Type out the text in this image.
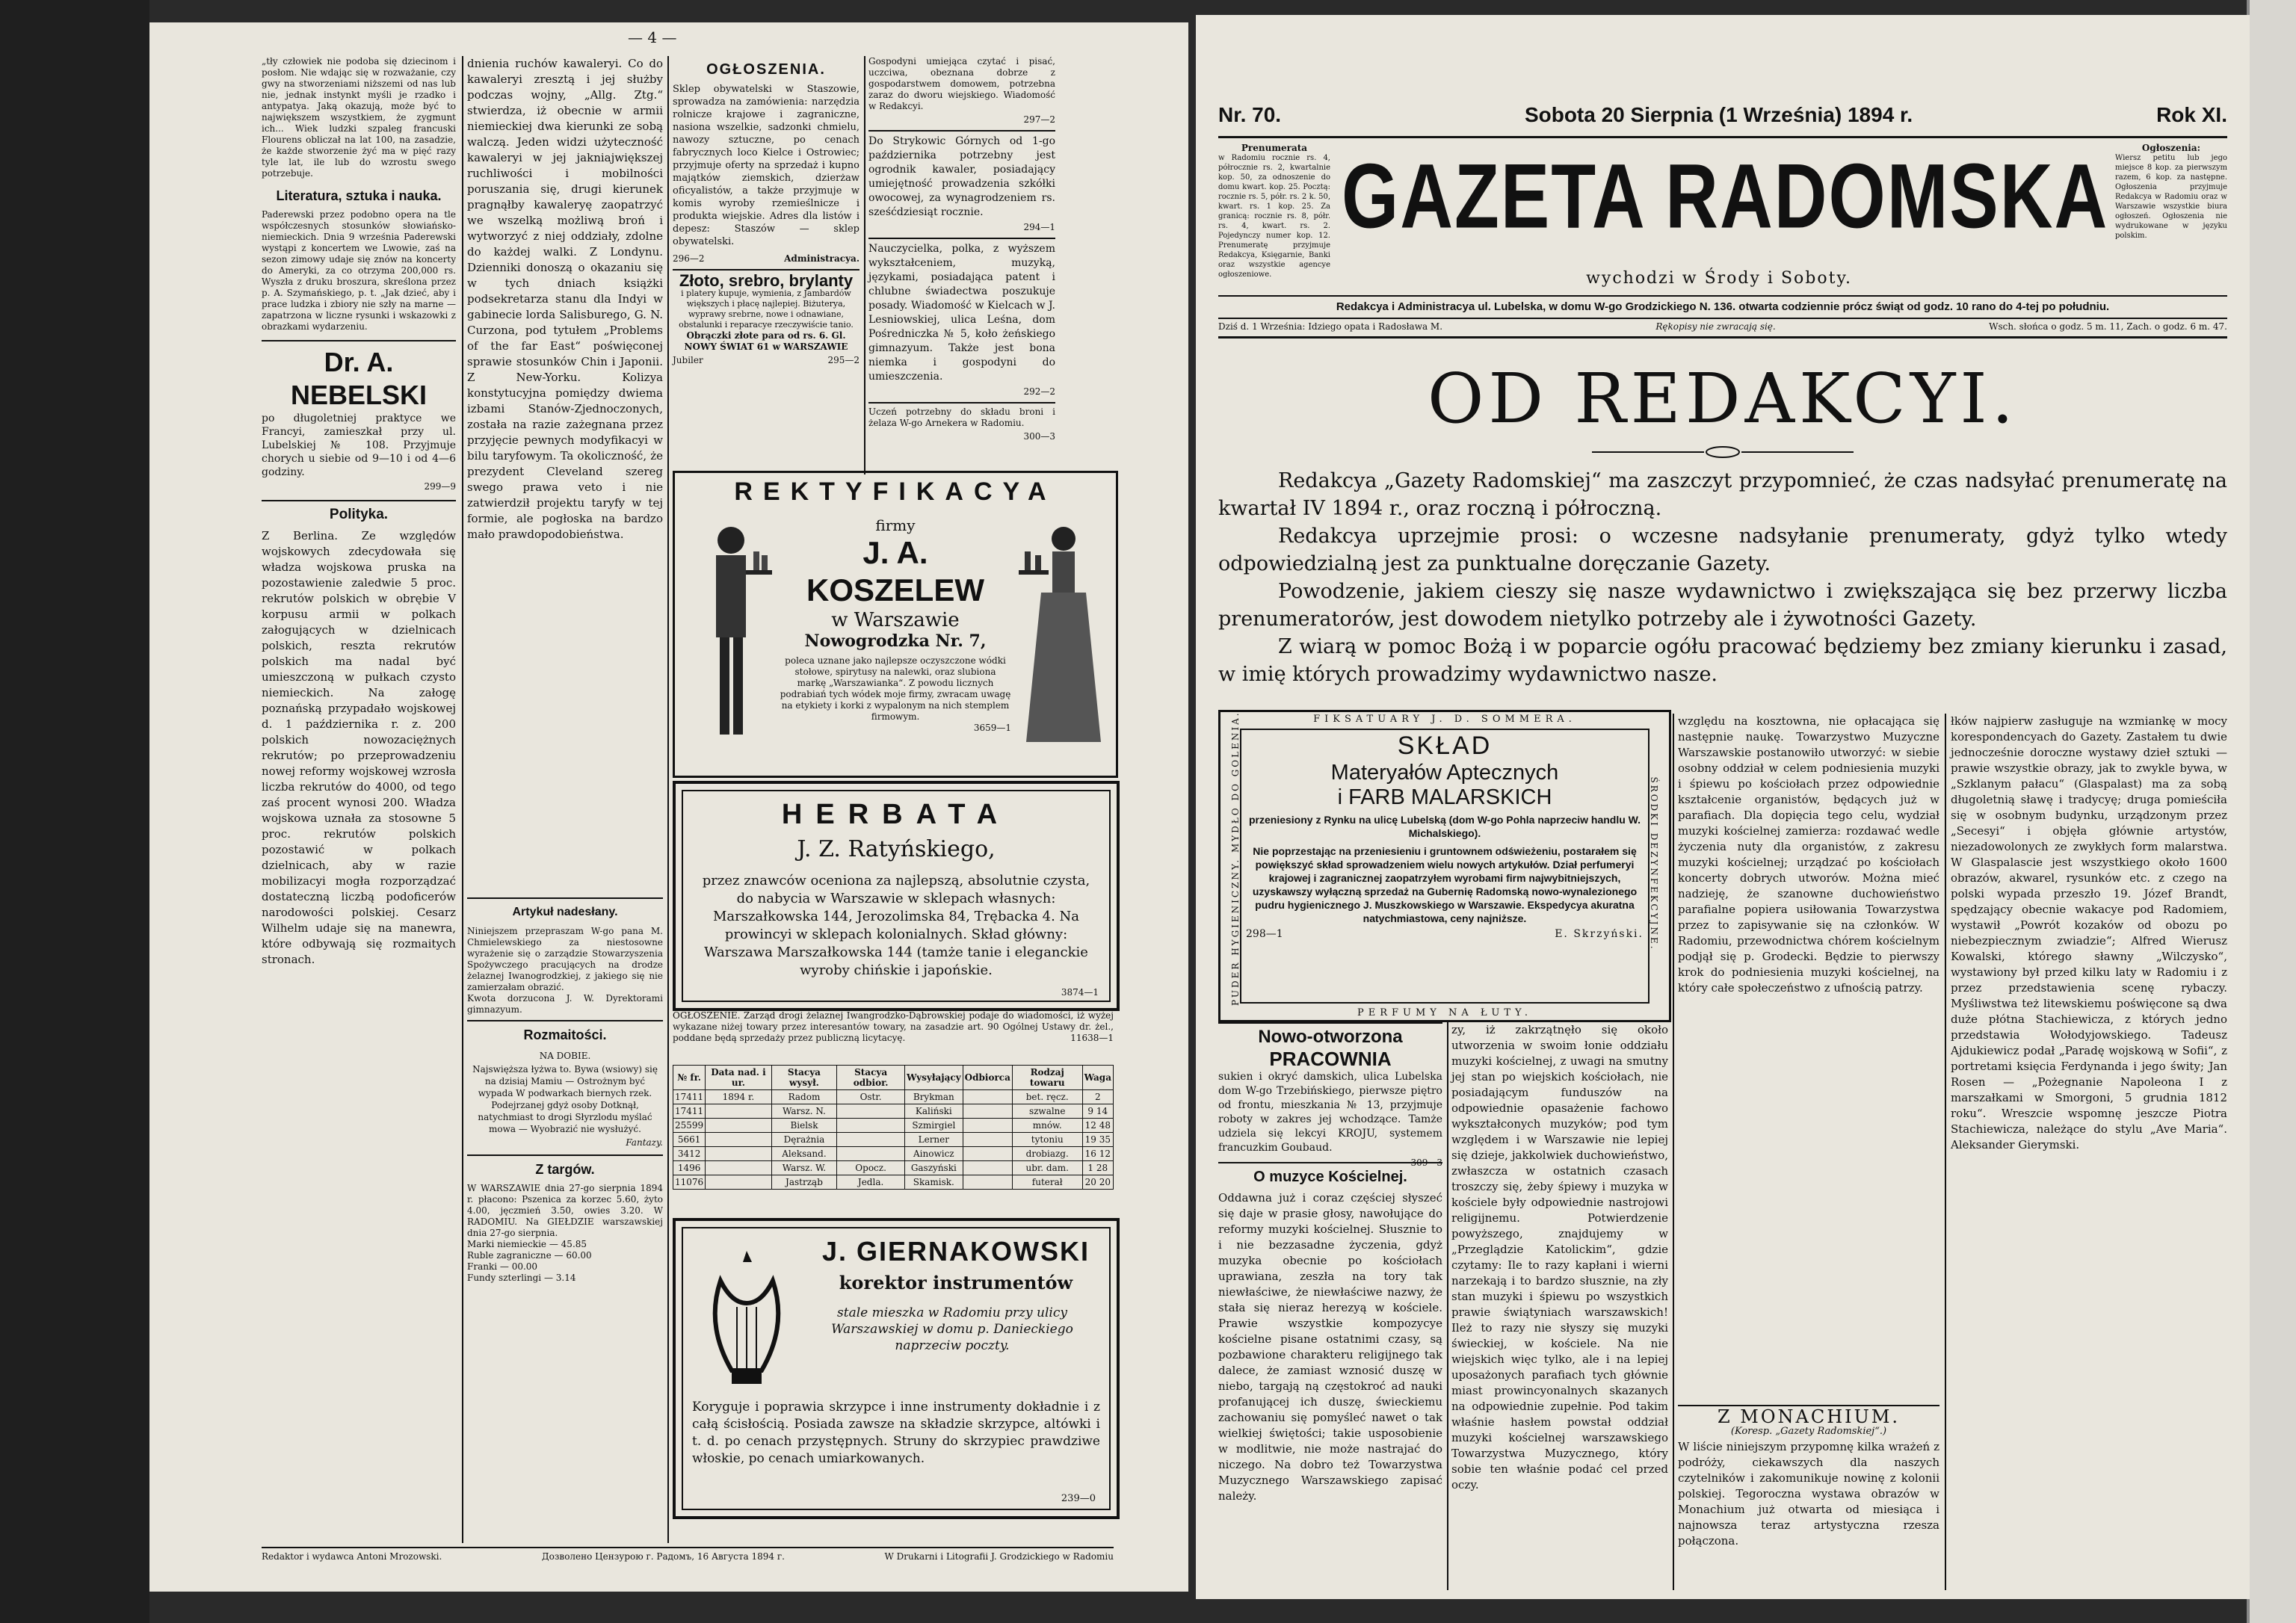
— 4 —
„tły człowiek nie podoba się dziecinom i posłom. Nie wdając się w rozważanie, czy gwy na stworzeniami niższemi od nas lub nie, jednak instynkt myśli je rzadko i antypatya. Jaką okazują, może być to największem wszystkiem, że zygmunt ich... Wiek ludzki szpaleg francuski Flourens obliczał na lat 100, na zasadzie, że każde stworzenie żyć ma w pięć razy tyle lat, ile lub do wzrostu swego potrzebuje.
Literatura, sztuka i nauka.
Paderewski przez podobno opera na tle współczesnych stosunków słowiańsko-niemieckich. Dnia 9 września Paderewski wystąpi z koncertem we Lwowie, zaś na sezon zimowy udaje się znów na koncerty do Ameryki, za co otrzyma 200,000 rs. Wyszła z druku broszura, skreślona przez p. A. Szymańskiego, p. t. „Jak dzieć, aby i prace ludzka i zbiory nie szły na marne — zapatrzona w liczne rysunki i wskazowki z obrazkami wydarzeniu.
Dr. A. NEBELSKI
po długoletniej praktyce we Francyi, zamieszkał przy ul. Lubelskiej № 108. Przyjmuje chorych u siebie od 9—10 i od 4—6 godziny.
299—9
Polityka.
Z Berlina. Ze względów wojskowych zdecydowała się władza wojskowa pruska na pozostawienie zaledwie 5 proc. rekrutów polskich w obrębie V korpusu armii w polkach załogujących w dzielnicach polskich, reszta rekrutów polskich ma nadal być umieszczoną w pułkach czysto niemieckich. Na załogę poznańską przypadało wojskowej d. 1 października r. z. 200 polskich nowozaciężnych rekrutów; po przeprowadzeniu nowej reformy wojskowej wzrosła liczba rekrutów do 4000, od tego zaś procent wynosi 200. Władza wojskowa uznała za stosowne 5 proc. rekrutów polskich pozostawić w polkach dzielnicach, aby w razie mobilizacyi mogła rozporządzać dostateczną liczbą podoficerów narodowości polskiej. Cesarz Wilhelm udaje się na manewra, które odbywają się rozmaitych stronach.
dnienia ruchów kawaleryi. Co do kawaleryi zresztą i jej służby podczas wojny, „Allg. Ztg.“ stwierdza, iż obecnie w armii niemieckiej dwa kierunki ze sobą walczą. Jeden widzi użyteczność kawaleryi w jej jakniajwiększej ruchliwości i mobilności poruszania się, drugi kierunek pragnąłby kawaleryę zaopatrzyć we wszelką możliwą broń i wytworzyć z niej oddziały, zdolne do każdej walki. Z Londynu. Dzienniki donoszą o okazaniu się w tych dniach książki podsekretarza stanu dla Indyi w gabinecie lorda Salisburego, G. N. Curzona, pod tytułem „Problems of the far East“ poświęconej sprawie stosunków Chin i Japonii. Z New-Yorku. Kolizya konstytucyjna pomiędzy dwiema izbami Stanów-Zjednoczonych, została na razie zażegnana przez przyjęcie pewnych modyfikacyi w bilu taryfowym. Ta okoliczność, że prezydent Cleveland szereg swego prawa veto i nie zatwierdził projektu taryfy w tej formie, ale pogłoska na bardzo mało prawdopodobieństwa.
Artykuł nadesłany.
Niniejszem przepraszam W-go pana M. Chmielewskiego za niestosowne wyrażenie się o zarządzie Stowarzyszenia Spożywczego pracujących na drodze żelaznej Iwanogrodzkiej, z jakiego się nie zamierzałam obrazić.
Kwota dorzucona J. W. Dyrektorami gimnazyum.
Rozmaitości.
NA DOBIE.
Najswięższa łyżwa to. Bywa (wsiowy) się na dzisiaj Mamiu — Ostrożnym być wypada W podwarkach biernych rzek. Podejrzanej gdyż osoby Dotknął, natychmiast to drogi Słyrzlodu myślać mowa — Wyobrazić nie wysłużyć.
Fantazy.
Z targów.
W WARSZAWIE dnia 27-go sierpnia 1894 r. płacono: Pszenica za korzec 5.60, żyto 4.00, jęczmień 3.50, owies 3.20. W RADOMIU. Na GIEŁDZIE warszawskiej dnia 27-go sierpnia.
Marki niemieckie — 45.85
Ruble zagraniczne — 60.00
Franki — 00.00
Fundy szterlingi — 3.14
OGŁOSZENIA.
Sklep obywatelski w Staszowie, sprowadza na zamówienia: narzędzia rolnicze krajowe i zagraniczne, nasiona wszelkie, sadzonki chmielu, nawozy sztuczne, po cenach fabrycznych loco Kielce i Ostrowiec; przyjmuje oferty na sprzedaż i kupno majątków ziemskich, dzierżaw oficyalistów, a także przyjmuje w komis wyroby rzemieślnicze i produkta wiejskie. Adres dla listów i depesz: Staszów — sklep obywatelski.
296—2	Administracya.
Złoto, srebro, brylanty
i platery kupuje, wymienia, z Jambardów większych i płacę najlepiej. Biżuterya, wyprawy srebrne, nowe i odnawiane, obstalunki i reparacye rzeczywiście tanio.
Obrączki złote para od rs. 6. Gl. NOWY ŚWIAT 61 w WARSZAWIE
Jubiler	295—2
Gospodyni umiejąca czytać i pisać, uczciwa, obeznana dobrze z gospodarstwem domowem, potrzebna zaraz do dworu wiejskiego. Wiadomość w Redakcyi.
297—2
Do Strykowic Górnych od 1-go października potrzebny jest ogrodnik kawaler, posiadający umiejętność prowadzenia szkółki owocowej, za wynagrodzeniem rs. sześćdziesiąt rocznie.
294—1
Nauczycielka, polka, z wyższem wykształceniem, muzyką, językami, posiadająca patent i chlubne świadectwa poszukuje posady. Wiadomość w Kielcach w J. Lesniowskiej, ulica Leśna, dom Pośredniczka № 5, koło żeńskiego gimnazyum. Także jest bona niemka i gospodyni do umieszczenia.
292—2
Uczeń potrzebny do składu broni i żelaza W-go Arnekera w Radomiu.
300—3
REKTYFIKACYA
firmy
J. A. KOSZELEW
w Warszawie
Nowogrodzka Nr. 7,
poleca uznane jako najlepsze oczyszczone wódki stołowe, spirytusy na nalewki, oraz slubiona markę „Warszawianka“. Z powodu licznych podrabiań tych wódek moje firmy, zwracam uwagę na etykiety i korki z wypalonym na nich stemplem firmowym.
3659—1
HERBATA
J. Z. Ratyńskiego,
przez znawców oceniona za najlepszą, absolutnie czysta, do nabycia w Warszawie w sklepach własnych: Marszałkowska 144, Jerozolimska 84, Trębacka 4. Na prowincyi w sklepach kolonialnych. Skład główny: Warszawa Marszałkowska 144 (tamże tanie i eleganckie wyroby chińskie i japońskie.
3874—1
OGŁOSZENIE. Zarząd drogi żelaznej Iwangrodzko-Dąbrowskiej podaje do wiadomości, iż wyżej wykazane niżej towary przez interesantów towary, na zasadzie art. 90 Ogólnej Ustawy dr. żel., poddane będą sprzedaży przez publiczną licytacyę.	11638—1
№ fr.	Data nad. i ur.	Stacya wysył.	Stacya odbior.	Wysyłający	Odbiorca	Rodzaj towaru	Waga
17411	1894 r.	Radom	Ostr.	Brykman		bet. ręcz.	2
17411		Warsz. N.		Kaliński		szwalne	9 14
25599		Bielsk		Szmirgiel		mnów.	12 48
5661		Dęrażnia		Lerner		tytoniu	19 35
3412		Aleksand.		Ainowicz		drobiazg.	16 12
1496		Warsz. W.	Opocz.	Gaszyński		ubr. dam.	1 28
11076		Jastrząb	Jedla.	Skamisk.		futerał	20 20
J. GIERNAKOWSKI
korektor instrumentów
stale mieszka w Radomiu przy ulicy Warszawskiej w domu p. Danieckiego naprzeciw poczty.
Koryguje i poprawia skrzypce i inne instrumenty dokładnie i z całą ścisłością. Posiada zawsze na składzie skrzypce, altówki i t. d. po cenach przystępnych. Struny do skrzypiec prawdziwe włoskie, po cenach umiarkowanych.
239—0
Redaktor i wydawca Antoni Mrozowski.	Дозволено Цензурою г. Радомъ, 16 Августа 1894 г.	W Drukarni i Litografii J. Grodzickiego w Radomiu
Nr. 70.	Sobota 20 Sierpnia (1 Września) 1894 r.	Rok XI.
Prenumerata
w Radomiu rocznie rs. 4, półrocznie rs. 2, kwartalnie kop. 50, za odnoszenie do domu kwart. kop. 25. Pocztą: rocznie rs. 5, półr. rs. 2 k. 50, kwart. rs. 1 kop. 25. Za granicą: rocznie rs. 8, półr. rs. 4, kwart. rs. 2. Pojedynczy numer kop. 12. Prenumeratę przyjmuje Redakcya, Księgarnie, Banki oraz wszystkie agencye ogłoszeniowe.
GAZETA RADOMSKA
wychodzi w Środy i Soboty.
Ogłoszenia:
Wiersz petitu lub jego miejsce 8 kop. za pierwszym razem, 6 kop. za następne. Ogłoszenia przyjmuje Redakcya w Radomiu oraz w Warszawie wszystkie biura ogłoszeń. Ogłoszenia nie wydrukowane w języku polskim.
Redakcya i Administracya ul. Lubelska, w domu W-go Grodzickiego N. 136. otwarta codziennie prócz świąt od godz. 10 rano do 4-tej po południu.
Dziś d. 1 Września: Idziego opata i Radosława M.	Rękopisy nie zwracają się.	Wsch. słońca o godz. 5 m. 11, Zach. o godz. 6 m. 47.
OD REDAKCYI.

Redakcya „Gazety Radomskiej“ ma zaszczyt przypomnieć, że czas nadsyłać prenumeratę na kwartał IV 1894 r., oraz roczną i półroczną.

Redakcya uprzejmie prosi: o wczesne nadsyłanie prenumeraty, gdyż tylko wtedy odpowiedzialną jest za punktualne doręczanie Gazety.

Powodzenie, jakiem cieszy się nasze wydawnictwo i zwiększająca się bez przerwy liczba prenumeratorów, jest dowodem nietylko potrzeby ale i żywotności Gazety.

Z wiarą w pomoc Bożą i w poparcie ogółu pracować będziemy bez zmiany kierunku i zasad, w imię których prowadzimy wydawnictwo nasze.

FIKSATUARY J. D. SOMMERA.
PERFUMY NA ŁUTY.
PUDER HYGIENICZNY. MYDŁO DO GOLENIA.	ŚRODKI DEZYNFEKCYJNE.
SKŁAD
Materyałów Aptecznych
i FARB MALARSKICH
przeniesiony z Rynku na ulicę Lubelską (dom W-go Pohla naprzeciw handlu W. Michalskiego).
Nie poprzestając na przeniesieniu i gruntownem odświeżeniu, postarałem się powiększyć skład sprowadzeniem wielu nowych artykułów. Dział perfumeryi krajowej i zagranicznej zaopatrzyłem wyrobami firm najwybitniejszych, uzyskawszy wyłączną sprzedaż na Gubernię Radomską nowo-wynalezionego pudru hygienicznego J. Muszkowskiego w Warszawie. Ekspedycya akuratna natychmiastowa, ceny najniższe.
298—1	E. Skrzyński.
Nowo-otworzona
PRACOWNIA
sukien i okryć damskich, ulica Lubelska dom W-go Trzebińskiego, pierwsze piętro od frontu, mieszkania № 13, przyjmuje roboty w zakres jej wchodzące. Tamże udziela się lekcyi KROJU, systemem francuzkim Goubaud.
309—3
O muzyce Kościelnej.
Oddawna już i coraz częściej słyszeć się daje w prasie głosy, nawołujące do reformy muzyki kościelnej. Słusznie to i nie bezzasadne życzenia, gdyż muzyka obecnie po kościołach uprawiana, zeszła na tory tak niewłaściwe, że niewłaściwe nazwy, że stała się nieraz herezyą w kościele. Prawie wszystkie kompozycye kościelne pisane ostatnimi czasy, są pozbawione charakteru religijnego tak dalece, że zamiast wznosić duszę w niebo, targają ną częstokroć ad nauki profanującej ich duszę, świeckiemu zachowaniu się pomyśleć nawet o tak wielkiej świętości; takie usposobienie w modlitwie, nie może nastrajać do niczego. Na dobro też Towarzystwa Muzycznego Warszawskiego zapisać należy.
zy, iż zakrzątnęło się około utworzenia w swoim łonie oddziału muzyki kościelnej, z uwagi na smutny jej stan po wiejskich kościołach, nie posiadającym funduszów na odpowiednie opasażenie fachowo wykształconych muzyków; pod tym względem i w Warszawie nie lepiej się dzieje, jakkolwiek duchowieństwo, zwłaszcza w ostatnich czasach troszczy się, żeby śpiewy i muzyka w kościele były odpowiednie nastrojowi religijnemu. Potwierdzenie powyższego, znajdujemy w „Przeglądzie Katolickim“, gdzie czytamy: Ile to razy kapłani i wierni narzekają i to bardzo słusznie, na zły stan muzyki i śpiewu po wszystkich prawie świątyniach warszawskich! Ileż to razy nie słyszy się muzyki świeckiej, w kościele. Na nie wiejskich więc tylko, ale i na lepiej uposażonych parafiach tych głównie miast prowincyonalnych skazanych na odpowiednie zupełnie. Pod takim właśnie hasłem powstał oddział muzyki kościelnej warszawskiego Towarzystwa Muzycznego, który sobie ten właśnie podać cel przed oczy.
względu na kosztowna, nie opłacająca się następnie naukę. Towarzystwo Muzyczne Warszawskie postanowiło utworzyć: w siebie osobny oddział w celem podniesienia muzyki i śpiewu po kościołach przez odpowiednie kształcenie organistów, będących już w parafiach. Dla dopięcia tego celu, wydział muzyki kościelnej zamierza: rozdawać wedle życzenia nuty dla organistów, z zakresu muzyki kościelnej; urządzać po kościołach koncerty dobrych utworów. Można mieć nadzieję, że szanowne duchowieństwo parafialne popiera usiłowania Towarzystwa przez to zapisywanie się na członków. W Radomiu, przewodnictwa chórem kościelnym podjął się p. Grodecki. Będzie to pierwszy krok do podniesienia muzyki kościelnej, na który całe społeczeństwo z ufnością patrzy.
Z MONACHIUM.
(Koresp. „Gazety Radomskiej“.)
W liście niniejszym przypomnę kilka wrażeń z podróży, ciekawszych dla naszych czytelników i zakomunikuje nowinę z kolonii polskiej. Tegoroczna wystawa obrazów w Monachium już otwarta od miesiąca i najnowsza teraz artystyczna rzesza połączona.
łków najpierw zasługuje na wzmiankę w mocy korespondencyach do Gazety. Zastałem tu dwie jednocześnie doroczne wystawy dzieł sztuki — prawie wszystkie obrazy, jak to zwykle bywa, w „Szklanym pałacu“ (Glaspalast) ma za sobą długoletnią sławę i tradycyę; druga pomieściła się w osobnym budynku, urządzonym przez „Secesyi“ i objęła głównie artystów, niezadowolonych ze zwykłych form malarstwa. W Glaspalascie jest wszystkiego około 1600 obrazów, akwarel, rysunków etc. z czego na polski wypada przeszło 19. Józef Brandt, spędzający obecnie wakacye pod Radomiem, wystawił „Powrót kozaków od obozu po niebezpiecznym zwiadzie“; Alfred Wierusz Kowalski, którego sławny „Wilczysko“, wystawiony był przed kilku laty w Radomiu i z przez przedstawienia scenę rybaczy. Myśliwstwa też litewskiemu poświęcone są dwa duże płótna Stachiewicza, z których jedno przedstawia Wołodyjowskiego. Tadeusz Ajdukiewicz podał „Paradę wojskową w Sofii“, z portretami księcia Ferdynanda i jego świty; Jan Rosen — „Pożegnanie Napoleona I z marszałkami w Smorgoni, 5 grudnia 1812 roku“. Wreszcie wspomnę jeszcze Piotra Stachiewicza, należące do stylu „Ave Maria“. Aleksander Gierymski.
